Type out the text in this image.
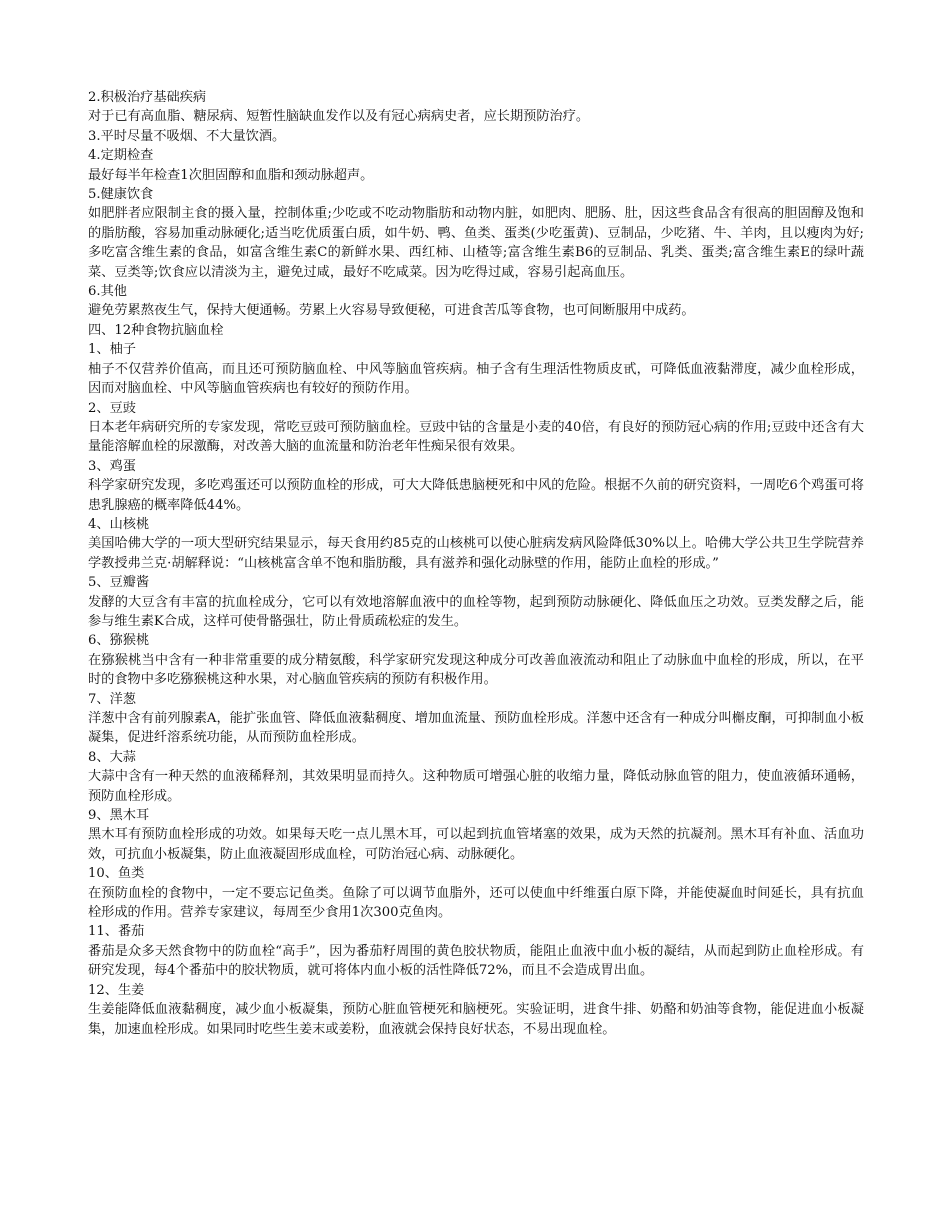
2.积极治疗基础疾病

对于已有高血脂、糖尿病、短暂性脑缺血发作以及有冠心病病史者，应长期预防治疗。

3.平时尽量不吸烟、不大量饮酒。

4.定期检查

最好每半年检查1次胆固醇和血脂和颈动脉超声。

5.健康饮食

如肥胖者应限制主食的摄入量，控制体重;少吃或不吃动物脂肪和动物内脏，如肥肉、肥肠、肚，因这些食品含有很高的胆固醇及饱和的脂肪酸，容易加重动脉硬化;适当吃优质蛋白质，如牛奶、鸭、鱼类、蛋类(少吃蛋黄)、豆制品，少吃猪、牛、羊肉，且以瘦肉为好;多吃富含维生素的食品，如富含维生素C的新鲜水果、西红柿、山楂等;富含维生素B6的豆制品、乳类、蛋类;富含维生素E的绿叶蔬菜、豆类等;饮食应以清淡为主，避免过咸，最好不吃咸菜。因为吃得过咸，容易引起高血压。

6.其他

避免劳累熬夜生气，保持大便通畅。劳累上火容易导致便秘，可进食苦瓜等食物，也可间断服用中成药。

四、12种食物抗脑血栓

1、柚子

柚子不仅营养价值高，而且还可预防脑血栓、中风等脑血管疾病。柚子含有生理活性物质皮甙，可降低血液黏滞度，减少血栓形成，因而对脑血栓、中风等脑血管疾病也有较好的预防作用。

2、豆豉

日本老年病研究所的专家发现，常吃豆豉可预防脑血栓。豆豉中钴的含量是小麦的40倍，有良好的预防冠心病的作用;豆豉中还含有大量能溶解血栓的尿激酶，对改善大脑的血流量和防治老年性痴呆很有效果。

3、鸡蛋

科学家研究发现，多吃鸡蛋还可以预防血栓的形成，可大大降低患脑梗死和中风的危险。根据不久前的研究资料，一周吃6个鸡蛋可将患乳腺癌的概率降低44%。

4、山核桃

美国哈佛大学的一项大型研究结果显示，每天食用约85克的山核桃可以使心脏病发病风险降低30%以上。哈佛大学公共卫生学院营养学教授弗兰克·胡解释说：“山核桃富含单不饱和脂肪酸，具有滋养和强化动脉壁的作用，能防止血栓的形成。”

5、豆瓣酱

发酵的大豆含有丰富的抗血栓成分，它可以有效地溶解血液中的血栓等物，起到预防动脉硬化、降低血压之功效。豆类发酵之后，能参与维生素K合成，这样可使骨骼强壮，防止骨质疏松症的发生。

6、猕猴桃

在猕猴桃当中含有一种非常重要的成分精氨酸，科学家研究发现这种成分可改善血液流动和阻止了动脉血中血栓的形成，所以，在平时的食物中多吃猕猴桃这种水果，对心脑血管疾病的预防有积极作用。

7、洋葱

洋葱中含有前列腺素A，能扩张血管、降低血液黏稠度、增加血流量、预防血栓形成。洋葱中还含有一种成分叫槲皮酮，可抑制血小板凝集，促进纤溶系统功能，从而预防血栓形成。

8、大蒜

大蒜中含有一种天然的血液稀释剂，其效果明显而持久。这种物质可增强心脏的收缩力量，降低动脉血管的阻力，使血液循环通畅，预防血栓形成。

9、黑木耳

黑木耳有预防血栓形成的功效。如果每天吃一点儿黑木耳，可以起到抗血管堵塞的效果，成为天然的抗凝剂。黑木耳有补血、活血功效，可抗血小板凝集，防止血液凝固形成血栓，可防治冠心病、动脉硬化。

10、鱼类

在预防血栓的食物中，一定不要忘记鱼类。鱼除了可以调节血脂外，还可以使血中纤维蛋白原下降，并能使凝血时间延长，具有抗血栓形成的作用。营养专家建议，每周至少食用1次300克鱼肉。

11、番茄

番茄是众多天然食物中的防血栓“高手”，因为番茄籽周围的黄色胶状物质，能阻止血液中血小板的凝结，从而起到防止血栓形成。有研究发现，每4个番茄中的胶状物质，就可将体内血小板的活性降低72%，而且不会造成胃出血。

12、生姜

生姜能降低血液黏稠度，减少血小板凝集，预防心脏血管梗死和脑梗死。实验证明，进食牛排、奶酪和奶油等食物，能促进血小板凝集，加速血栓形成。如果同时吃些生姜末或姜粉，血液就会保持良好状态，不易出现血栓。
